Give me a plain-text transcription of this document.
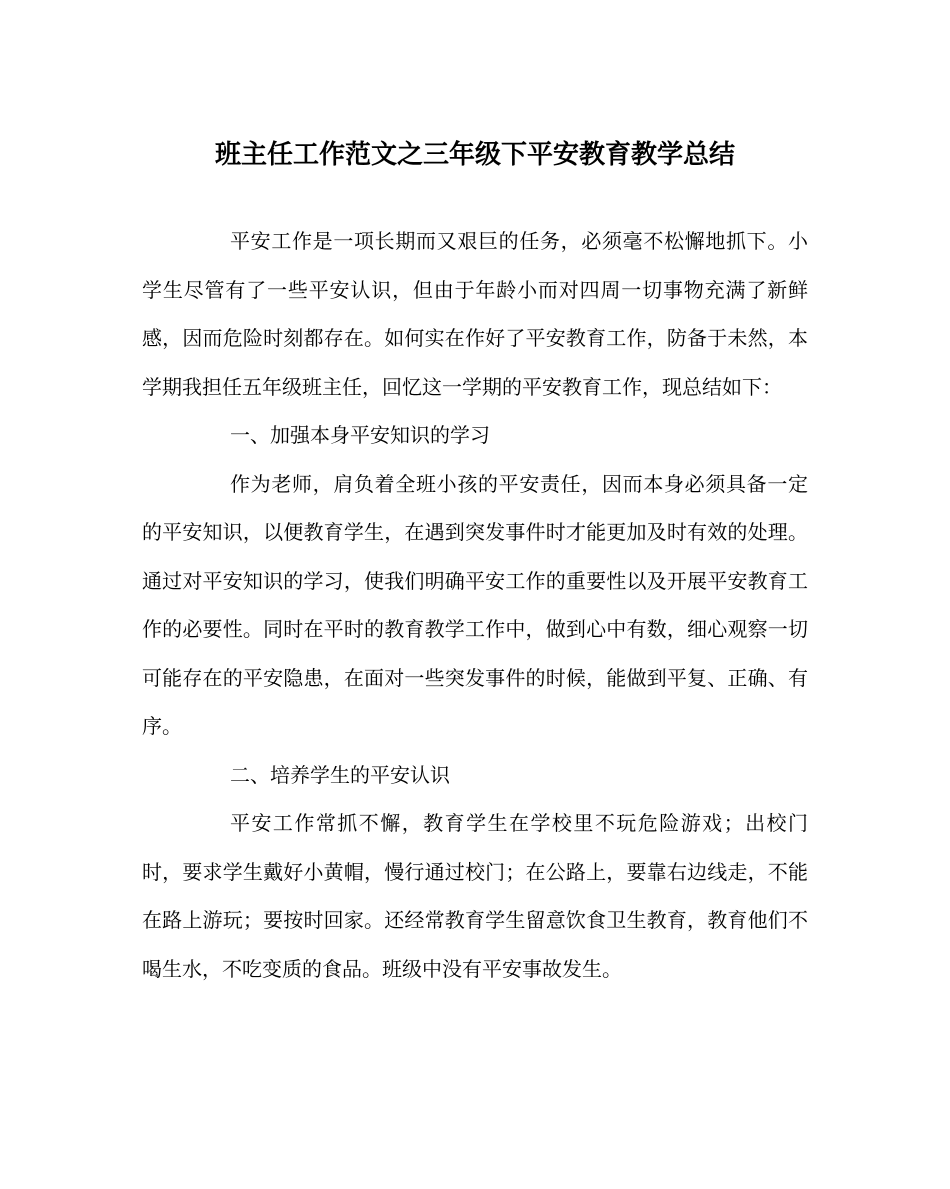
班主任工作范文之三年级下平安教育教学总结

平安工作是一项长期而又艰巨的任务，必须毫不松懈地抓下。小学生尽管有了一些平安认识，但由于年龄小而对四周一切事物充满了新鲜感，因而危险时刻都存在。如何实在作好了平安教育工作，防备于未然，本学期我担任五年级班主任，回忆这一学期的平安教育工作，现总结如下：

一、加强本身平安知识的学习

作为老师，肩负着全班小孩的平安责任，因而本身必须具备一定的平安知识，以便教育学生，在遇到突发事件时才能更加及时有效的处理。通过对平安知识的学习，使我们明确平安工作的重要性以及开展平安教育工作的必要性。同时在平时的教育教学工作中，做到心中有数，细心观察一切可能存在的平安隐患，在面对一些突发事件的时候，能做到平复、正确、有序。

二、培养学生的平安认识

平安工作常抓不懈，教育学生在学校里不玩危险游戏；出校门时，要求学生戴好小黄帽，慢行通过校门；在公路上，要靠右边线走，不能在路上游玩；要按时回家。还经常教育学生留意饮食卫生教育，教育他们不喝生水，不吃变质的食品。班级中没有平安事故发生。
